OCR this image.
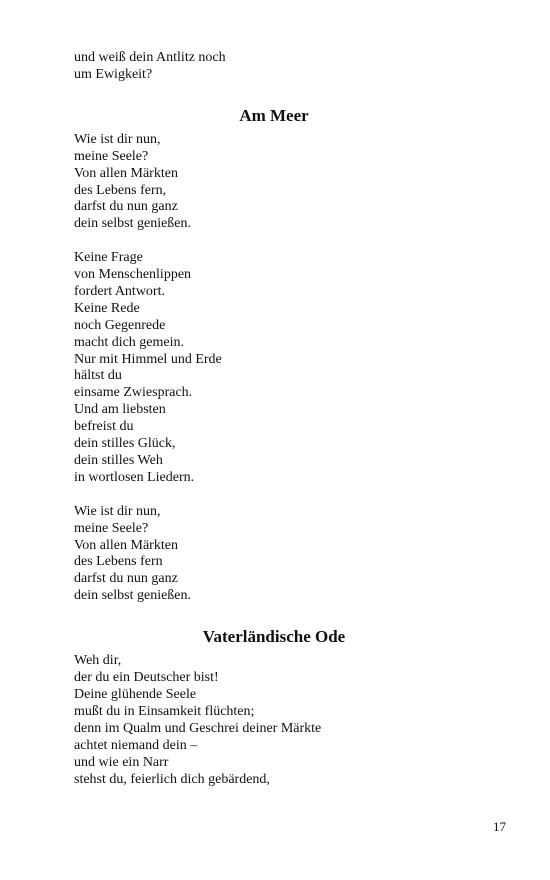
und weiß dein Antlitz noch
um Ewigkeit?
Am Meer
Wie ist dir nun,
meine Seele?
Von allen Märkten
des Lebens fern,
darfst du nun ganz
dein selbst genießen.
Keine Frage
von Menschenlippen
fordert Antwort.
Keine Rede
noch Gegenrede
macht dich gemein.
Nur mit Himmel und Erde
hältst du
einsame Zwiesprach.
Und am liebsten
befreist du
dein stilles Glück,
dein stilles Weh
in wortlosen Liedern.
Wie ist dir nun,
meine Seele?
Von allen Märkten
des Lebens fern
darfst du nun ganz
dein selbst genießen.
Vaterländische Ode
Weh dir,
der du ein Deutscher bist!
Deine glühende Seele
mußt du in Einsamkeit flüchten;
denn im Qualm und Geschrei deiner Märkte
achtet niemand dein –
und wie ein Narr
stehst du, feierlich dich gebärdend,
17
